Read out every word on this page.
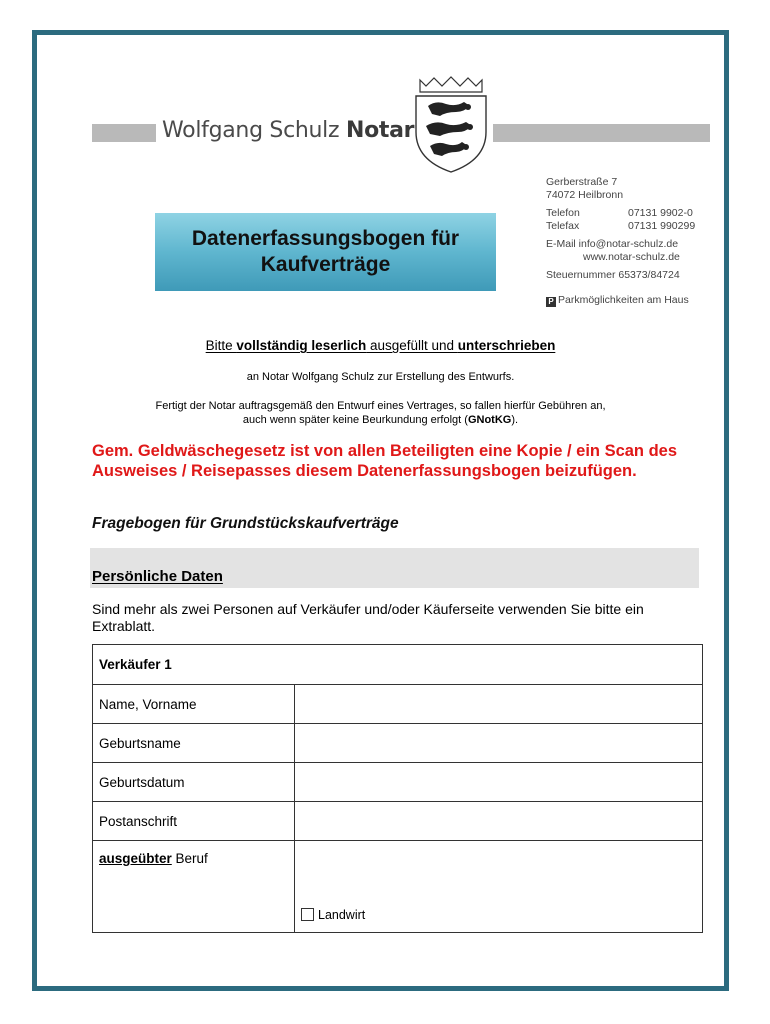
Wolfgang Schulz Notar
Gerberstraße 7
74072 Heilbronn
Telefon	07131 9902-0
Telefax	07131 990299
E-Mail info@notar-schulz.de
www.notar-schulz.de
Steuernummer 65373/84724
P Parkmöglichkeiten am Haus
Datenerfassungsbogen für
Kaufverträge
Bitte vollständig leserlich ausgefüllt und unterschrieben
an Notar Wolfgang Schulz zur Erstellung des Entwurfs.
Fertigt der Notar auftragsgemäß den Entwurf eines Vertrages, so fallen hierfür Gebühren an,
auch wenn später keine Beurkundung erfolgt (GNotKG).
Gem. Geldwäschegesetz ist von allen Beteiligten eine Kopie / ein Scan des Ausweises / Reisepasses diesem Datenerfassungsbogen beizufügen.
Fragebogen für Grundstückskaufverträge
Persönliche Daten
Sind mehr als zwei Personen auf Verkäufer und/oder Käuferseite verwenden Sie bitte ein Extrablatt.
Verkäufer 1	
Name, Vorname	
Geburtsname	
Geburtsdatum	
Postanschrift	
ausgeübter Beruf	Landwirt
